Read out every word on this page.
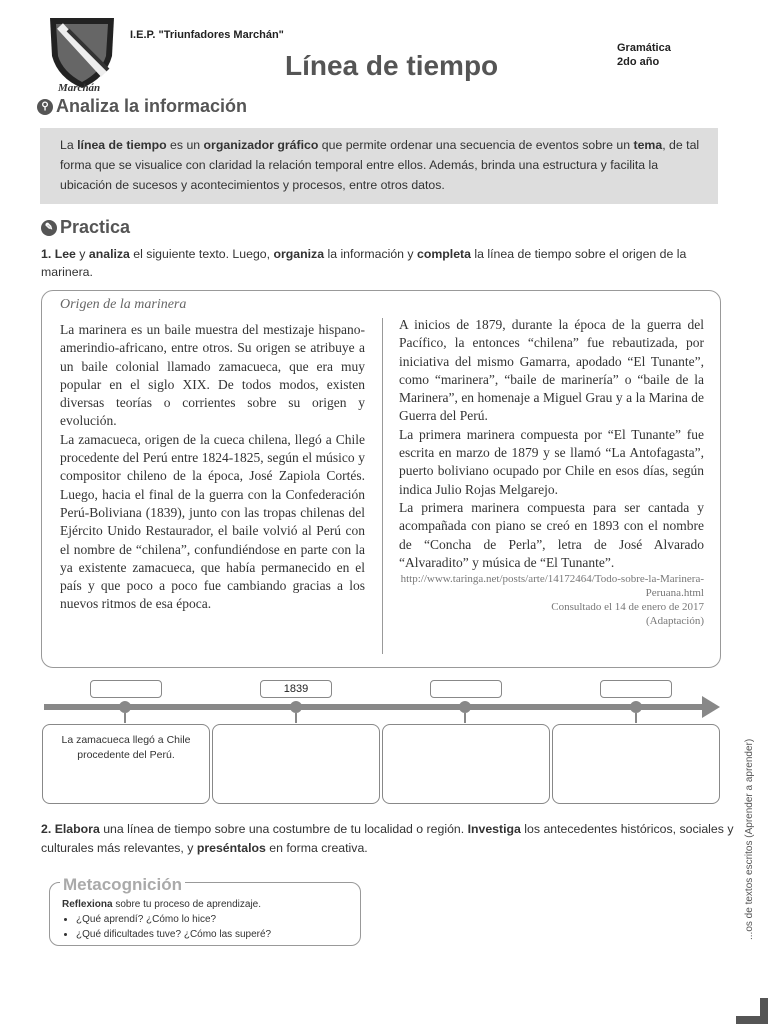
Marchán
I.E.P. "Triunfadores Marchán"
Gramática
2do año
Línea de tiempo
⚲ Analiza la información
La línea de tiempo es un organizador gráfico que permite ordenar una secuencia de eventos sobre un tema, de tal forma que se visualice con claridad la relación temporal entre ellos. Además, brinda una estructura y facilita la ubicación de sucesos y acontecimientos y procesos, entre otros datos.
✎ Practica
1. Lee y analiza el siguiente texto. Luego, organiza la información y completa la línea de tiempo sobre el origen de la marinera.
Origen de la marinera

La marinera es un baile muestra del mestizaje hispano-amerindio-africano, entre otros. Su origen se atribuye a un baile colonial llamado zamacueca, que era muy popular en el siglo XIX. De todos modos, existen diversas teorías o corrientes sobre su origen y evolución.

La zamacueca, origen de la cueca chilena, llegó a Chile procedente del Perú entre 1824-1825, según el músico y compositor chileno de la época, José Zapiola Cortés. Luego, hacia el final de la guerra con la Confederación Perú-Boliviana (1839), junto con las tropas chilenas del Ejército Unido Restaurador, el baile volvió al Perú con el nombre de “chilena”, confundiéndose en parte con la ya existente zamacueca, que había permanecido en el país y que poco a poco fue cambiando gracias a los nuevos ritmos de esa época.

A inicios de 1879, durante la época de la guerra del Pacífico, la entonces “chilena” fue rebautizada, por iniciativa del mismo Gamarra, apodado “El Tunante”, como “marinera”, “baile de marinería” o “baile de la Marinera”, en homenaje a Miguel Grau y a la Marina de Guerra del Perú.

La primera marinera compuesta por “El Tunante” fue escrita en marzo de 1879 y se llamó “La Antofagasta”, puerto boliviano ocupado por Chile en esos días, según indica Julio Rojas Melgarejo.

La primera marinera compuesta para ser cantada y acompañada con piano se creó en 1893 con el nombre de “Concha de Perla”, letra de José Alvarado “Alvaradito” y música de “El Tunante”.

http://www.taringa.net/posts/arte/14172464/Todo-sobre-la-Marinera-Peruana.html
Consultado el 14 de enero de 2017
(Adaptación)
1839
La zamacueca llegó a Chile procedente del Perú.
2. Elabora una línea de tiempo sobre una costumbre de tu localidad o región. Investiga los antecedentes históricos, sociales y culturales más relevantes, y preséntalos en forma creativa.
Metacognición
Reflexiona sobre tu proceso de aprendizaje.
• ¿Qué aprendí? ¿Cómo lo hice?
• ¿Qué dificultades tuve? ¿Cómo las superé?	...os de textos escritos (Aprender a aprender)
